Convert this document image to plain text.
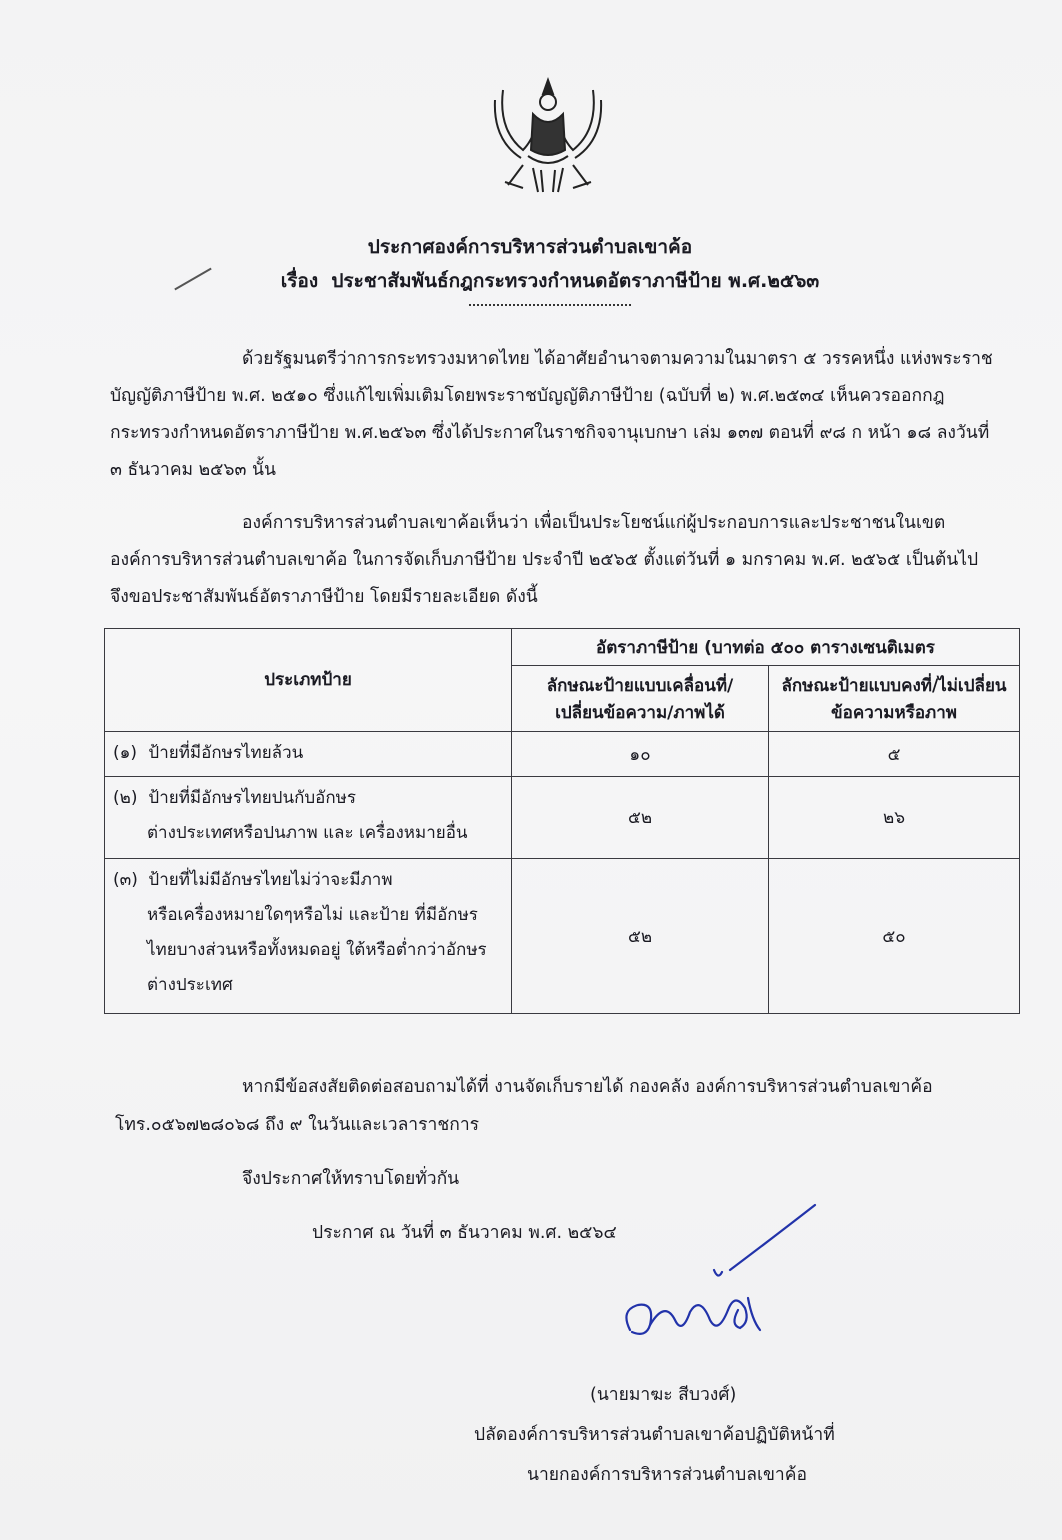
ประกาศองค์การบริหารส่วนตำบลเขาค้อ
เรื่อง ประชาสัมพันธ์กฎกระทรวงกำหนดอัตราภาษีป้าย พ.ศ.๒๕๖๓
ด้วยรัฐมนตรีว่าการกระทรวงมหาดไทย ได้อาศัยอำนาจตามความในมาตรา ๕ วรรคหนึ่ง แห่งพระราชบัญญัติภาษีป้าย พ.ศ. ๒๕๑๐ ซึ่งแก้ไขเพิ่มเติมโดยพระราชบัญญัติภาษีป้าย (ฉบับที่ ๒) พ.ศ.๒๕๓๔ เห็นควรออกกฎกระทรวงกำหนดอัตราภาษีป้าย พ.ศ.๒๕๖๓ ซึ่งได้ประกาศในราชกิจจานุเบกษา เล่ม ๑๓๗ ตอนที่ ๙๘ ก หน้า ๑๘ ลงวันที่ ๓ ธันวาคม ๒๕๖๓ นั้น
องค์การบริหารส่วนตำบลเขาค้อเห็นว่า เพื่อเป็นประโยชน์แก่ผู้ประกอบการและประชาชนในเขต องค์การบริหารส่วนตำบลเขาค้อ ในการจัดเก็บภาษีป้าย ประจำปี ๒๕๖๕ ตั้งแต่วันที่ ๑ มกราคม พ.ศ. ๒๕๖๕ เป็นต้นไป จึงขอประชาสัมพันธ์อัตราภาษีป้าย โดยมีรายละเอียด ดังนี้
ประเภทป้าย	อัตราภาษีป้าย (บาทต่อ ๕๐๐ ตารางเซนติเมตร	
	ลักษณะป้ายแบบเคลื่อนที่/ เปลี่ยนข้อความ/ภาพได้	ลักษณะป้ายแบบคงที่/ไม่เปลี่ยน ข้อความหรือภาพ
(๑) ป้ายที่มีอักษรไทยล้วน	๑๐	๕
(๒) ป้ายที่มีอักษรไทยปนกับอักษร
ต่างประเทศหรือปนภาพ และ เครื่องหมายอื่น	๕๒	๒๖
(๓) ป้ายที่ไม่มีอักษรไทยไม่ว่าจะมีภาพ
หรือเครื่องหมายใดๆหรือไม่ และป้าย ที่มีอักษรไทยบางส่วนหรือทั้งหมดอยู่ ใต้หรือต่ำกว่าอักษรต่างประเทศ	๕๒	๕๐
หากมีข้อสงสัยติดต่อสอบถามได้ที่ งานจัดเก็บรายได้ กองคลัง องค์การบริหารส่วนตำบลเขาค้อ
โทร.๐๕๖๗๒๘๐๖๘ ถึง ๙ ในวันและเวลาราชการ
จึงประกาศให้ทราบโดยทั่วกัน
ประกาศ ณ วันที่ ๓ ธันวาคม พ.ศ. ๒๕๖๔
(นายมาฆะ สีบวงศ์)
ปลัดองค์การบริหารส่วนตำบลเขาค้อปฏิบัติหน้าที่
นายกองค์การบริหารส่วนตำบลเขาค้อ
